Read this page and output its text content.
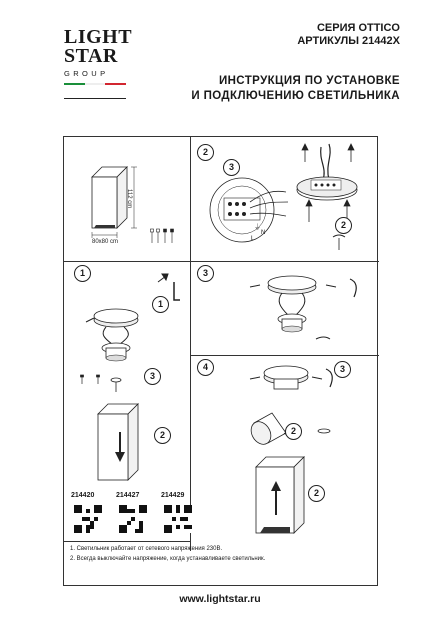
LIGHT
STAR
GROUP
СЕРИЯ OTTICO
АРТИКУЛЫ 21442X
ИНСТРУКЦИЯ ПО УСТАНОВКЕ
И ПОДКЛЮЧЕНИЮ СВЕТИЛЬНИКА
112 cm
80x80 cm
2
3
⏚
N
L
2
1
1
3
2
3
4	3
2
2
214420	214427	214429
1. Светильник работает от сетевого напряжения 230В.
2. Всегда выключайте напряжение, когда устанавливаете светильник.
www.lightstar.ru
